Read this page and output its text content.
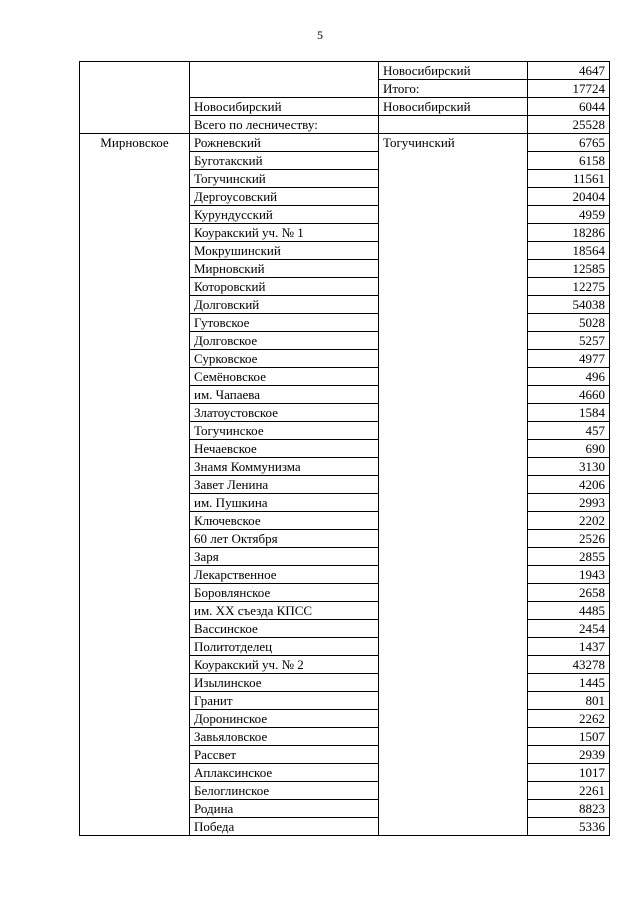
5
		Новосибирский	4647
		Итого:	17724
	Новосибирский	Новосибирский	6044
	Всего по лесничеству:		25528
Мирновское	Рожневский	Тогучинский	6765
	Буготакский		6158
	Тогучинский		11561
	Дергоусовский		20404
	Курундусский		4959
	Коуракский уч. № 1		18286
	Мокрушинский		18564
	Мирновский		12585
	Которовский		12275
	Долговский		54038
	Гутовское		5028
	Долговское		5257
	Сурковское		4977
	Семёновское		496
	им. Чапаева		4660
	Златоустовское		1584
	Тогучинское		457
	Нечаевское		690
	Знамя Коммунизма		3130
	Завет Ленина		4206
	им. Пушкина		2993
	Ключевское		2202
	60 лет Октября		2526
	Заря		2855
	Лекарственное		1943
	Боровлянское		2658
	им. XX съезда КПСС		4485
	Вассинское		2454
	Политотделец		1437
	Коуракский уч. № 2		43278
	Изылинское		1445
	Гранит		801
	Доронинское		2262
	Завьяловское		1507
	Рассвет		2939
	Аплаксинское		1017
	Белоглинское		2261
	Родина		8823
	Победа		5336
